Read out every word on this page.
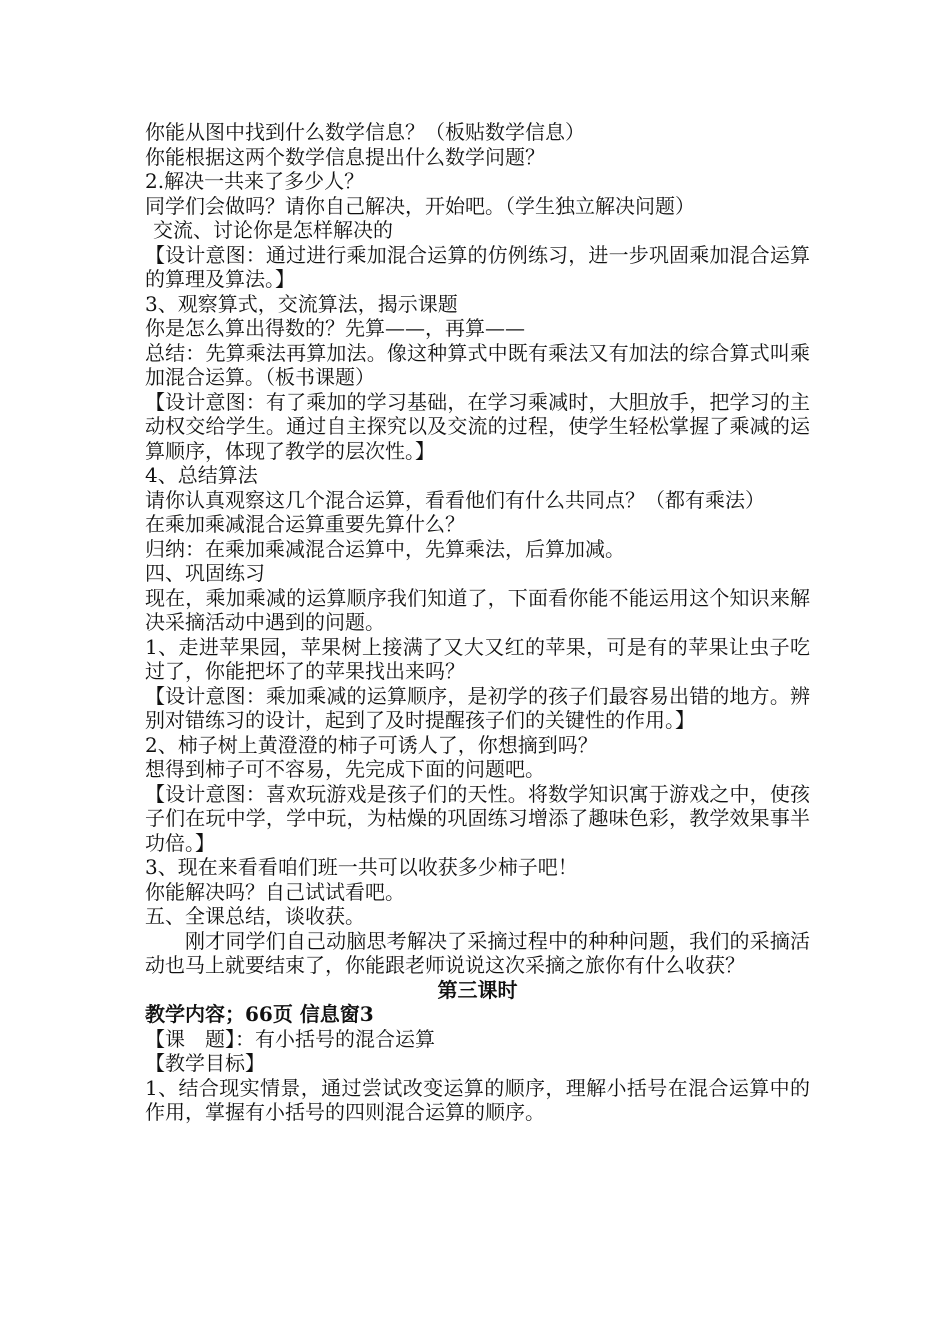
你能从图中找到什么数学信息？（板贴数学信息）

你能根据这两个数学信息提出什么数学问题？

2.解决一共来了多少人？

同学们会做吗？请你自己解决，开始吧。（学生独立解决问题）

交流、讨论你是怎样解决的

【设计意图：通过进行乘加混合运算的仿例练习，进一步巩固乘加混合运算的算理及算法。】

3、观察算式，交流算法，揭示课题

你是怎么算出得数的？先算——，再算——

总结：先算乘法再算加法。像这种算式中既有乘法又有加法的综合算式叫乘加混合运算。（板书课题）

【设计意图：有了乘加的学习基础，在学习乘减时，大胆放手，把学习的主动权交给学生。通过自主探究以及交流的过程，使学生轻松掌握了乘减的运算顺序，体现了教学的层次性。】

4、总结算法

请你认真观察这几个混合运算，看看他们有什么共同点？（都有乘法）

在乘加乘减混合运算重要先算什么？

归纳：在乘加乘减混合运算中，先算乘法，后算加减。

四、巩固练习

现在，乘加乘减的运算顺序我们知道了，下面看你能不能运用这个知识来解决采摘活动中遇到的问题。

1、走进苹果园，苹果树上接满了又大又红的苹果，可是有的苹果让虫子吃过了，你能把坏了的苹果找出来吗？

【设计意图：乘加乘减的运算顺序，是初学的孩子们最容易出错的地方。辨别对错练习的设计，起到了及时提醒孩子们的关键性的作用。】

2、柿子树上黄澄澄的柿子可诱人了，你想摘到吗？

想得到柿子可不容易，先完成下面的问题吧。

【设计意图：喜欢玩游戏是孩子们的天性。将数学知识寓于游戏之中，使孩子们在玩中学，学中玩，为枯燥的巩固练习增添了趣味色彩，教学效果事半功倍。】

3、现在来看看咱们班一共可以收获多少柿子吧！

你能解决吗？自己试试看吧。

五、全课总结，谈收获。

刚才同学们自己动脑思考解决了采摘过程中的种种问题，我们的采摘活动也马上就要结束了，你能跟老师说说这次采摘之旅你有什么收获？

第三课时

教学内容；66页 信息窗3

【课　题】：有小括号的混合运算

【教学目标】

1、结合现实情景，通过尝试改变运算的顺序，理解小括号在混合运算中的作用，掌握有小括号的四则混合运算的顺序。
